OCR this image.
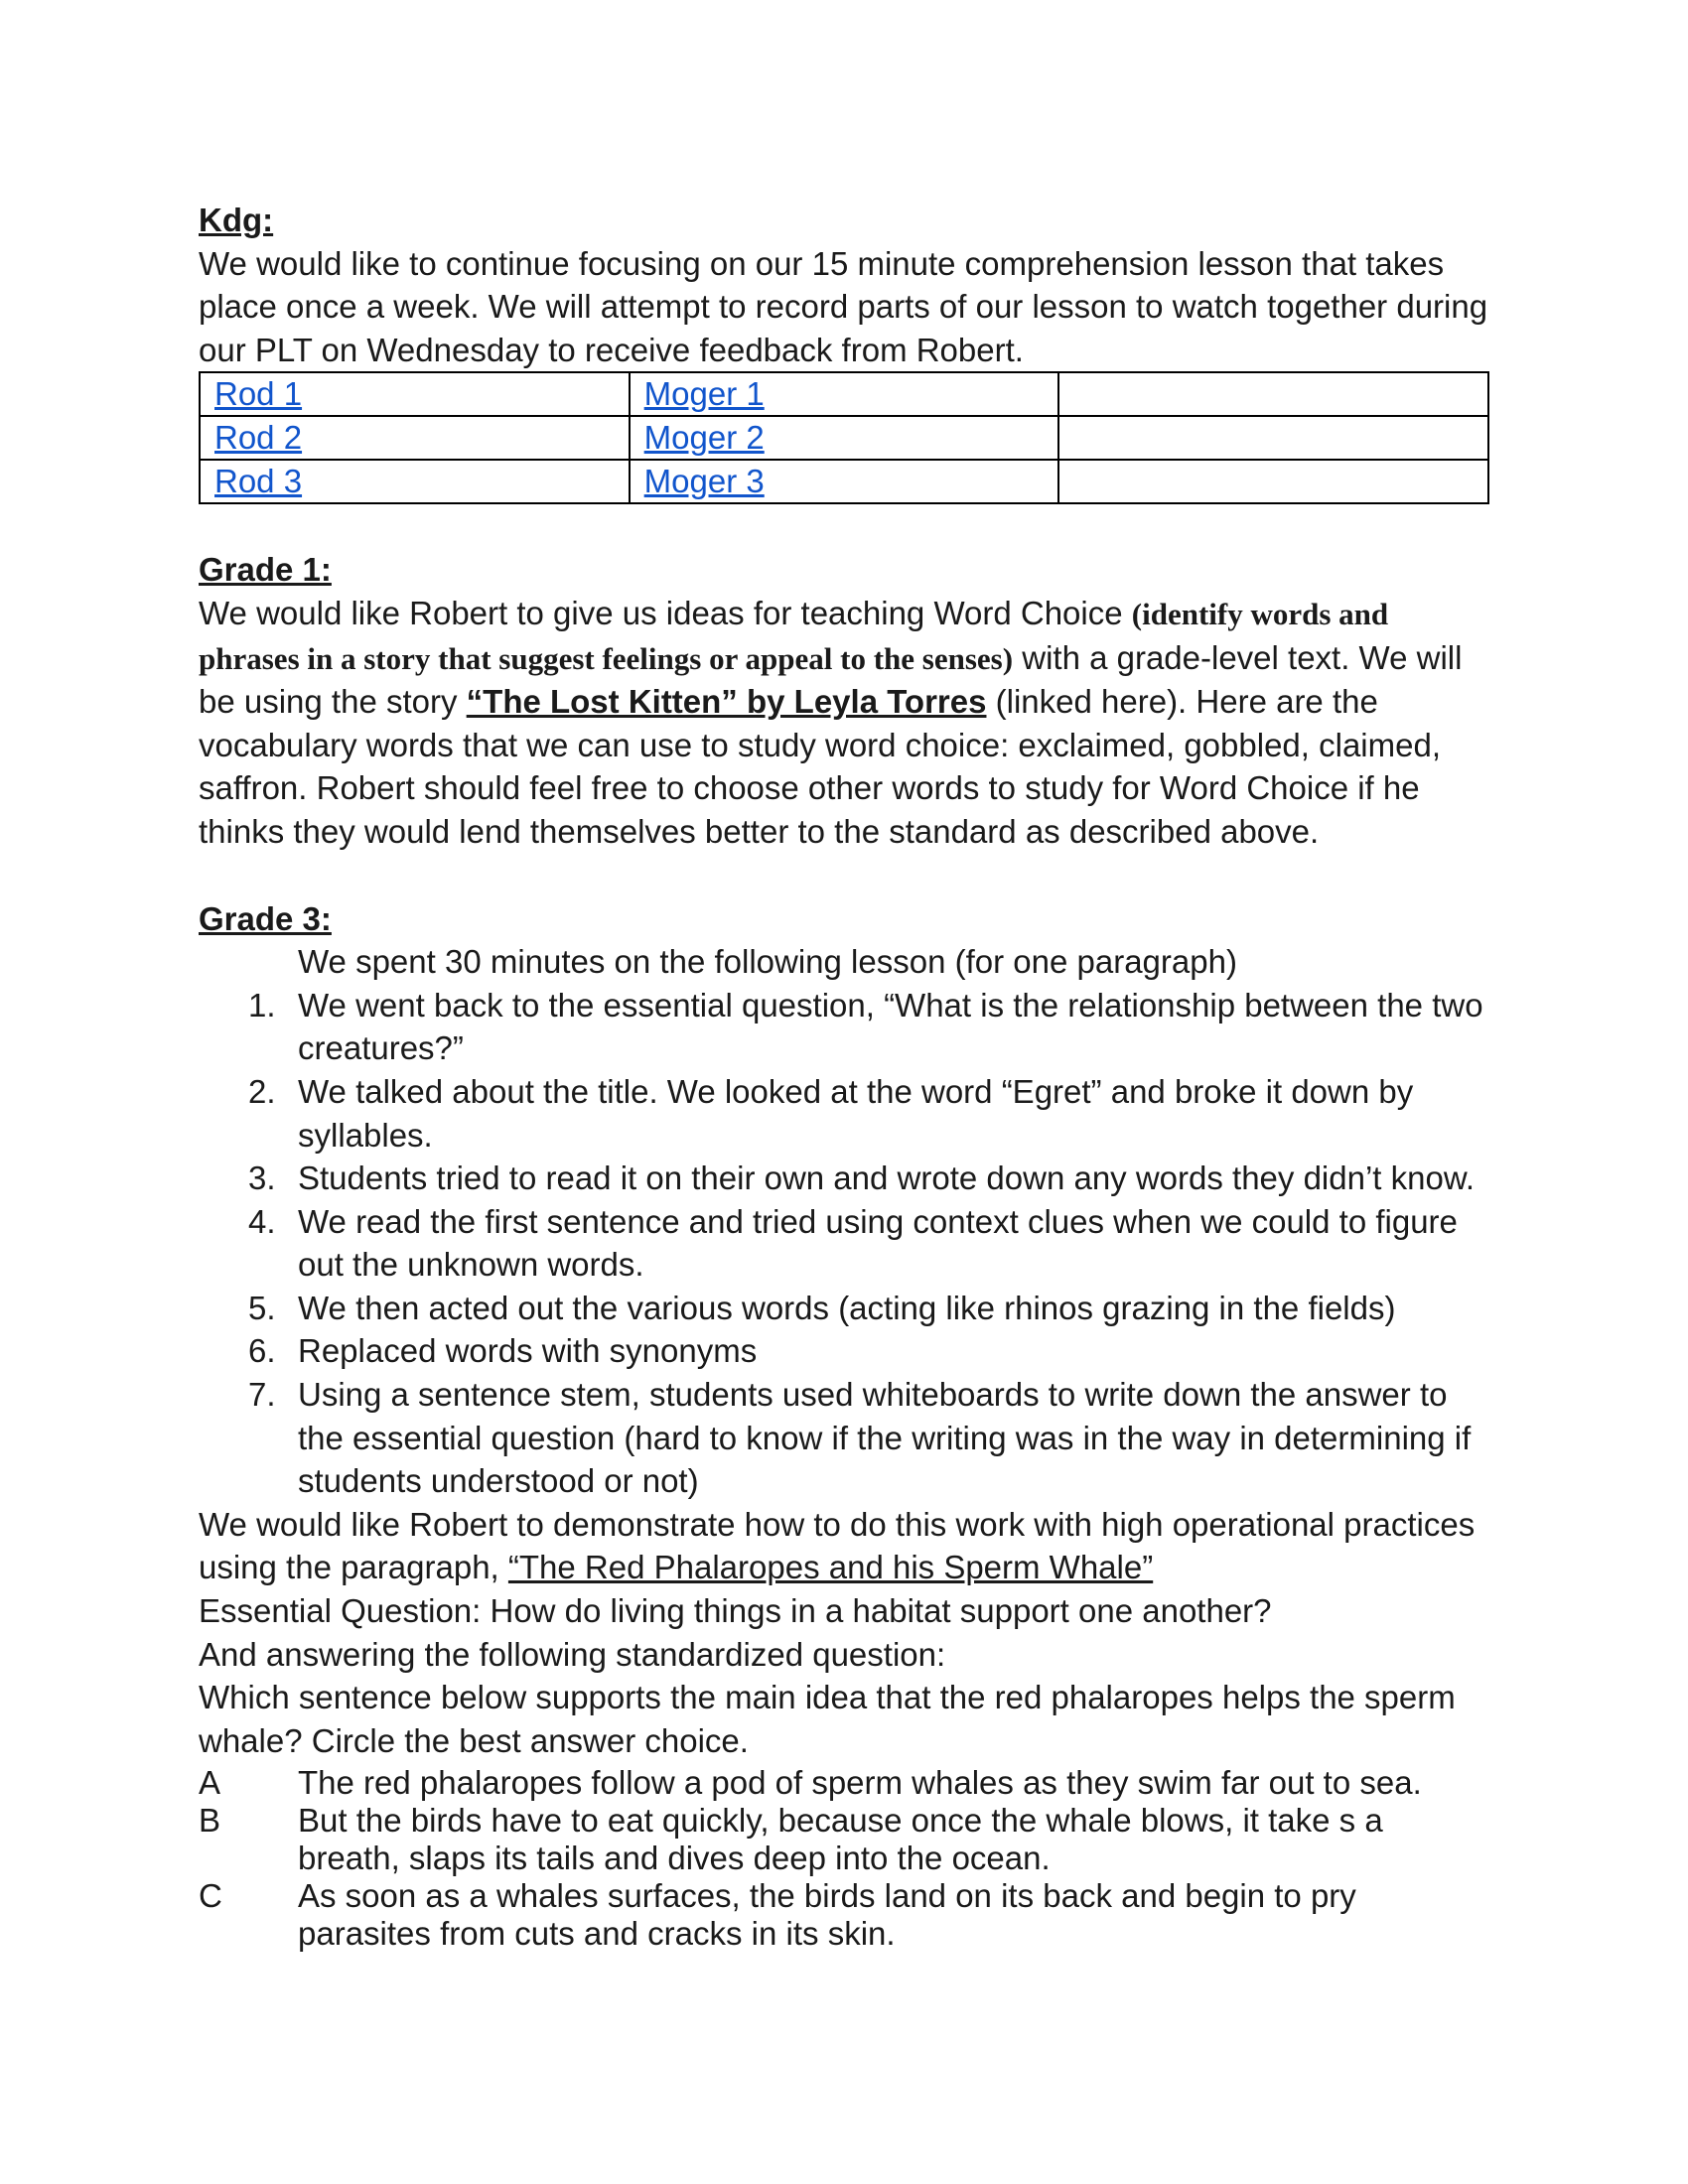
Kdg:

We would like to continue focusing on our 15 minute comprehension lesson that takes place once a week. We will attempt to record parts of our lesson to watch together during our PLT on Wednesday to receive feedback from Robert.

Rod 1	Moger 1	
Rod 2	Moger 2	
Rod 3	Moger 3	

Grade 1:

We would like Robert to give us ideas for teaching Word Choice (identify words and phrases in a story that suggest feelings or appeal to the senses) with a grade-level text. We will be using the story “The Lost Kitten” by Leyla Torres (linked here). Here are the vocabulary words that we can use to study word choice: exclaimed, gobbled, claimed, saffron. Robert should feel free to choose other words to study for Word Choice if he thinks they would lend themselves better to the standard as described above.

Grade 3:

We spent 30 minutes on the following lesson (for one paragraph)

1. We went back to the essential question, “What is the relationship between the two creatures?”
2. We talked about the title. We looked at the word “Egret” and broke it down by syllables.
3. Students tried to read it on their own and wrote down any words they didn’t know.
4. We read the first sentence and tried using context clues when we could to figure out the unknown words.
5. We then acted out the various words (acting like rhinos grazing in the fields)
6. Replaced words with synonyms
7. Using a sentence stem, students used whiteboards to write down the answer to the essential question (hard to know if the writing was in the way in determining if students understood or not)

We would like Robert to demonstrate how to do this work with high operational practices using the paragraph, “The Red Phalaropes and his Sperm Whale”

Essential Question: How do living things in a habitat support one another?

And answering the following standardized question:

Which sentence below supports the main idea that the red phalaropes helps the sperm whale? Circle the best answer choice.

A The red phalaropes follow a pod of sperm whales as they swim far out to sea.
B But the birds have to eat quickly, because once the whale blows, it take s a breath, slaps its tails and dives deep into the ocean.
C As soon as a whales surfaces, the birds land on its back and begin to pry parasites from cuts and cracks in its skin.
